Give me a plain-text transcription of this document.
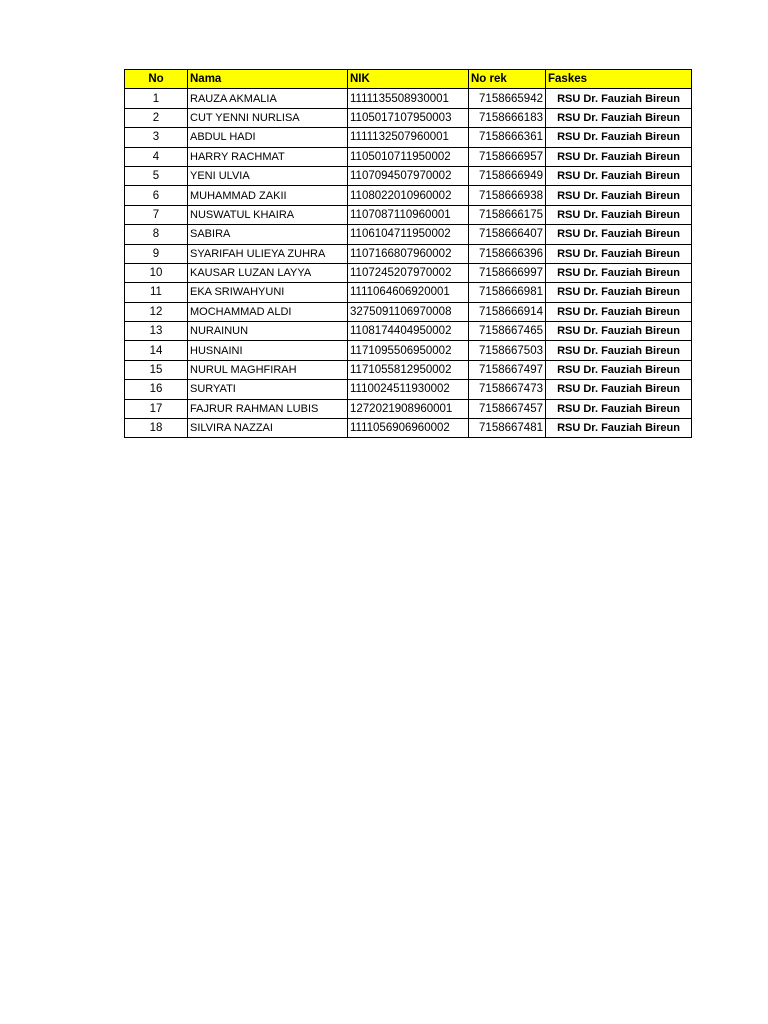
No	Nama	NIK	No rek	Faskes
1	RAUZA AKMALIA	1111135508930001	7158665942	RSU Dr. Fauziah Bireun
2	CUT YENNI NURLISA	1105017107950003	7158666183	RSU Dr. Fauziah Bireun
3	ABDUL HADI	1111132507960001	7158666361	RSU Dr. Fauziah Bireun
4	HARRY RACHMAT	1105010711950002	7158666957	RSU Dr. Fauziah Bireun
5	YENI ULVIA	1107094507970002	7158666949	RSU Dr. Fauziah Bireun
6	MUHAMMAD ZAKII	1108022010960002	7158666938	RSU Dr. Fauziah Bireun
7	NUSWATUL KHAIRA	1107087110960001	7158666175	RSU Dr. Fauziah Bireun
8	SABIRA	1106104711950002	7158666407	RSU Dr. Fauziah Bireun
9	SYARIFAH ULIEYA ZUHRA	1107166807960002	7158666396	RSU Dr. Fauziah Bireun
10	KAUSAR LUZAN LAYYA	1107245207970002	7158666997	RSU Dr. Fauziah Bireun
11	EKA SRIWAHYUNI	1111064606920001	7158666981	RSU Dr. Fauziah Bireun
12	MOCHAMMAD ALDI	3275091106970008	7158666914	RSU Dr. Fauziah Bireun
13	NURAINUN	1108174404950002	7158667465	RSU Dr. Fauziah Bireun
14	HUSNAINI	1171095506950002	7158667503	RSU Dr. Fauziah Bireun
15	NURUL MAGHFIRAH	1171055812950002	7158667497	RSU Dr. Fauziah Bireun
16	SURYATI	1110024511930002	7158667473	RSU Dr. Fauziah Bireun
17	FAJRUR RAHMAN LUBIS	1272021908960001	7158667457	RSU Dr. Fauziah Bireun
18	SILVIRA NAZZAI	1111056906960002	7158667481	RSU Dr. Fauziah Bireun
